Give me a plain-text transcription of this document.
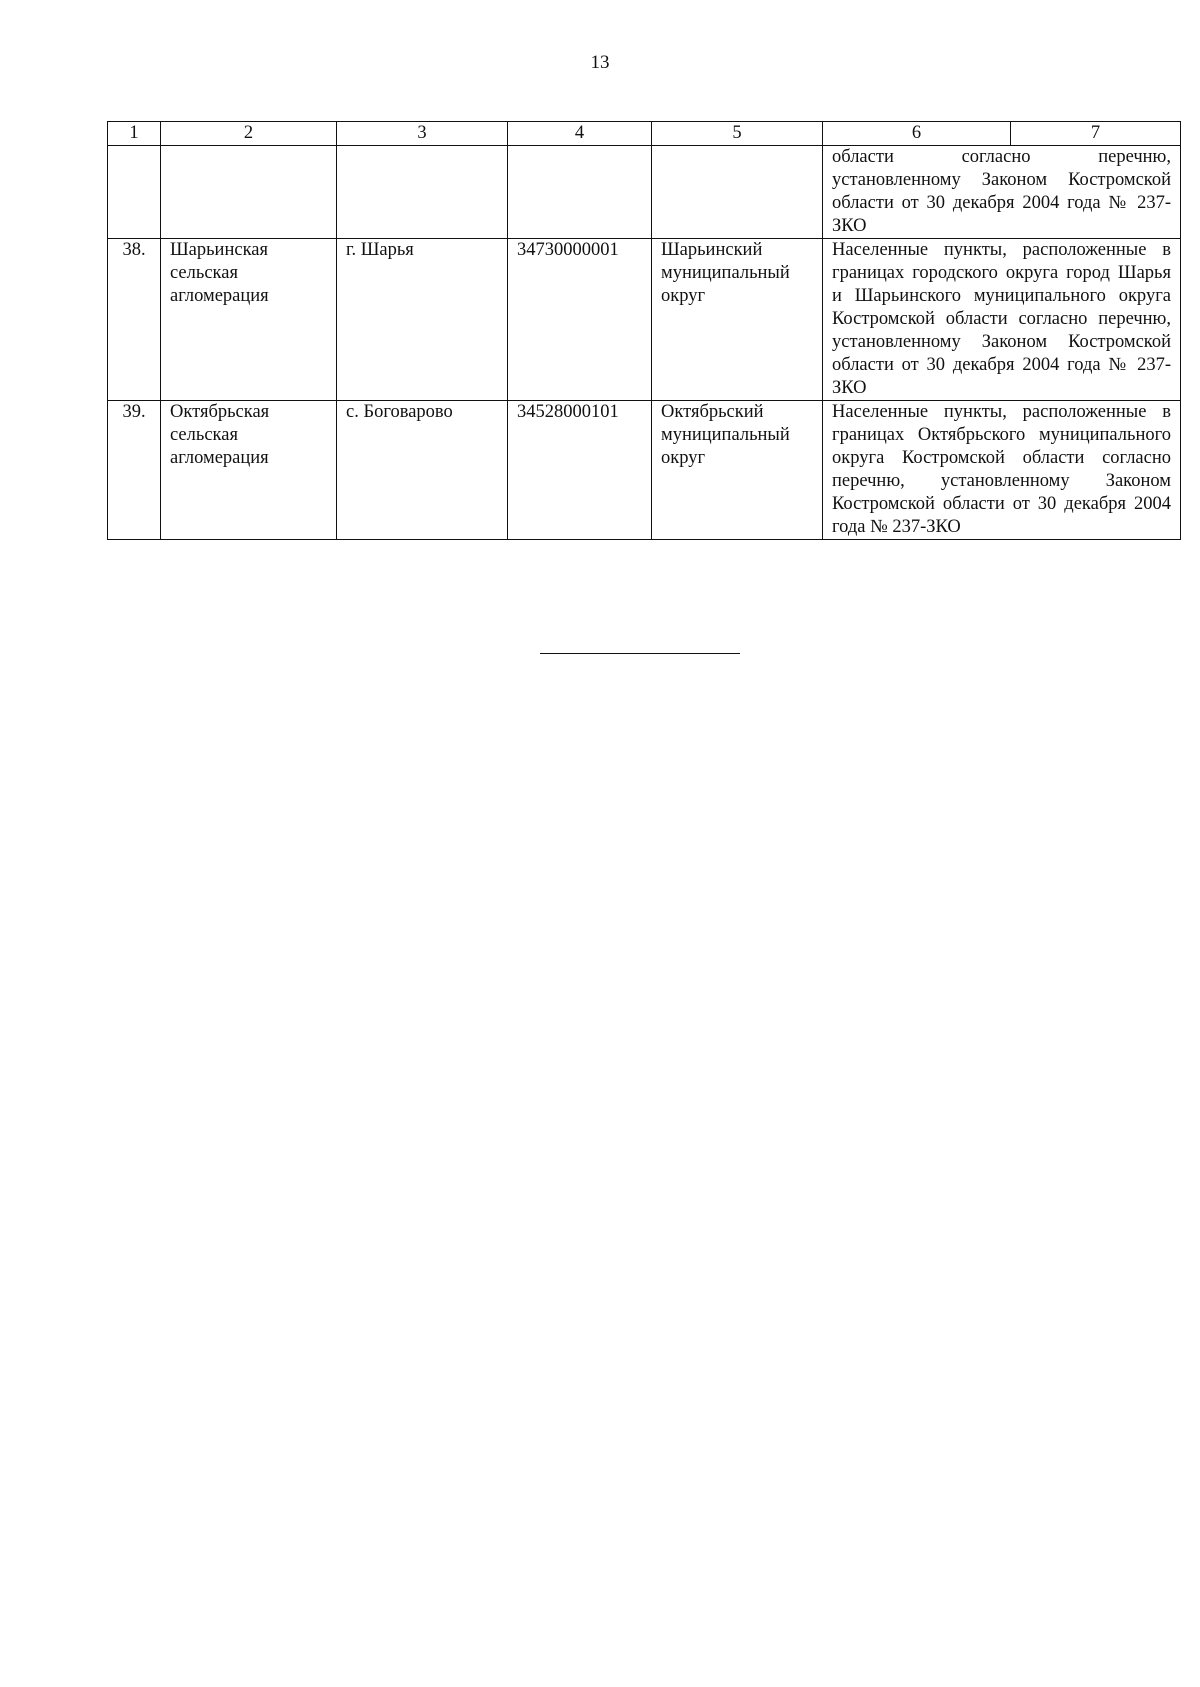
13
1	2	3	4	5	6	7
					области согласно перечню, установленному Законом Костромской области от 30 декабря 2004 года № 237-ЗКО	
38.	Шарьинская сельская агломерация	г. Шарья	34730000001	Шарьинский муниципальный округ	Населенные пункты, расположенные в границах городского округа город Шарья и Шарьинского муниципального округа Костромской области согласно перечню, установленному Законом Костромской области от 30 декабря 2004 года № 237-ЗКО	
39.	Октябрьская сельская агломерация	с. Боговарово	34528000101	Октябрьский муниципальный округ	Населенные пункты, расположенные в границах Октябрьского муниципального округа Костромской области согласно перечню, установленному Законом Костромской области от 30 декабря 2004 года № 237-ЗКО	
